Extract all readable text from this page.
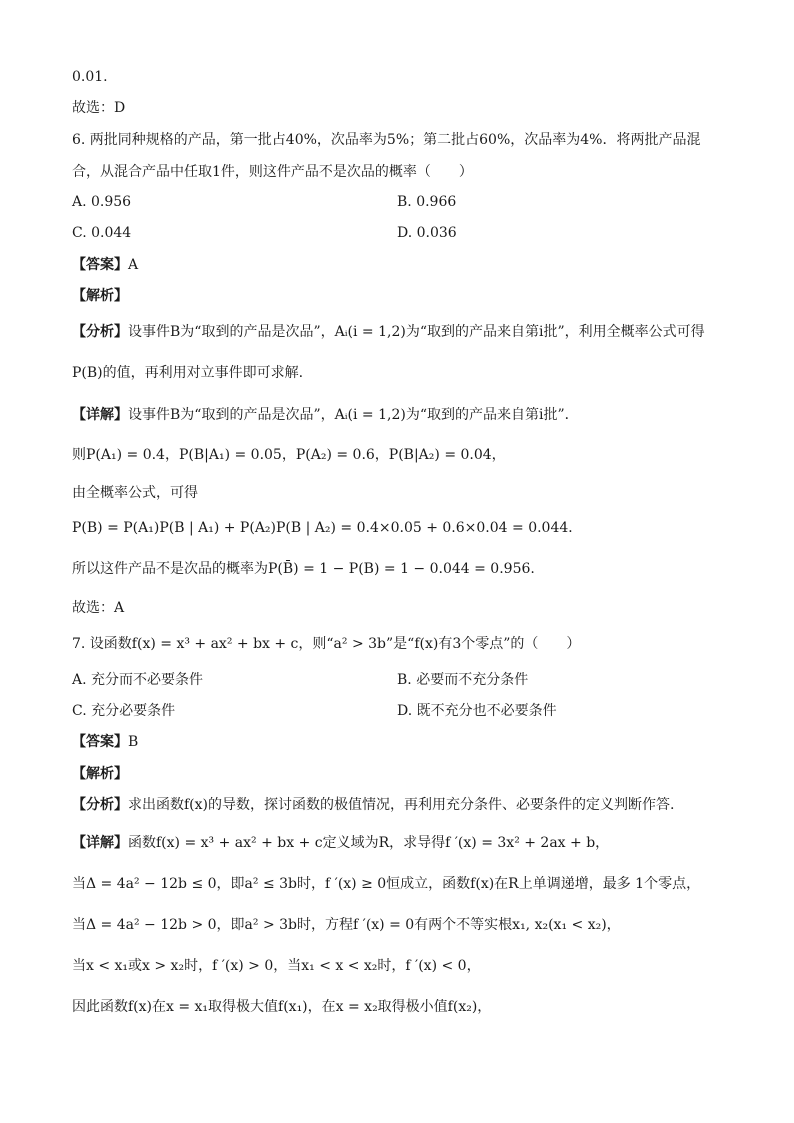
0.01.
故选：D
6. 两批同种规格的产品，第一批占40%，次品率为5%；第二批占60%，次品率为4%．将两批产品混
合，从混合产品中任取1件，则这件产品不是次品的概率（　　）
A. 0.956	B. 0.966
C. 0.044	D. 0.036
【答案】A
【解析】
【分析】设事件B为“取到的产品是次品”，Aᵢ(i = 1,2)为“取到的产品来自第i批”，利用全概率公式可得
P(B)的值，再利用对立事件即可求解.
【详解】设事件B为“取到的产品是次品”，Aᵢ(i = 1,2)为“取到的产品来自第i批”．
则P(A₁) = 0.4，P(B|A₁) = 0.05，P(A₂) = 0.6，P(B|A₂) = 0.04，
由全概率公式，可得
P(B) = P(A₁)P(B | A₁) + P(A₂)P(B | A₂) = 0.4×0.05 + 0.6×0.04 = 0.044．
所以这件产品不是次品的概率为P(B̄) = 1 − P(B) = 1 − 0.044 = 0.956.
故选：A
7. 设函数f(x) = x³ + ax² + bx + c，则“a² > 3b”是“f(x)有3个零点”的（　　）
A. 充分而不必要条件	B. 必要而不充分条件
C. 充分必要条件	D. 既不充分也不必要条件
【答案】B
【解析】
【分析】求出函数f(x)的导数，探讨函数的极值情况，再利用充分条件、必要条件的定义判断作答.
【详解】函数f(x) = x³ + ax² + bx + c定义域为R，求导得f ′(x) = 3x² + 2ax + b，
当Δ = 4a² − 12b ≤ 0，即a² ≤ 3b时，f ′(x) ≥ 0恒成立，函数f(x)在R上单调递增，最多 1个零点，
当Δ = 4a² − 12b > 0，即a² > 3b时，方程f ′(x) = 0有两个不等实根x₁, x₂(x₁ < x₂)，
当x < x₁或x > x₂时，f ′(x) > 0，当x₁ < x < x₂时，f ′(x) < 0，
因此函数f(x)在x = x₁取得极大值f(x₁)，在x = x₂取得极小值f(x₂)，
